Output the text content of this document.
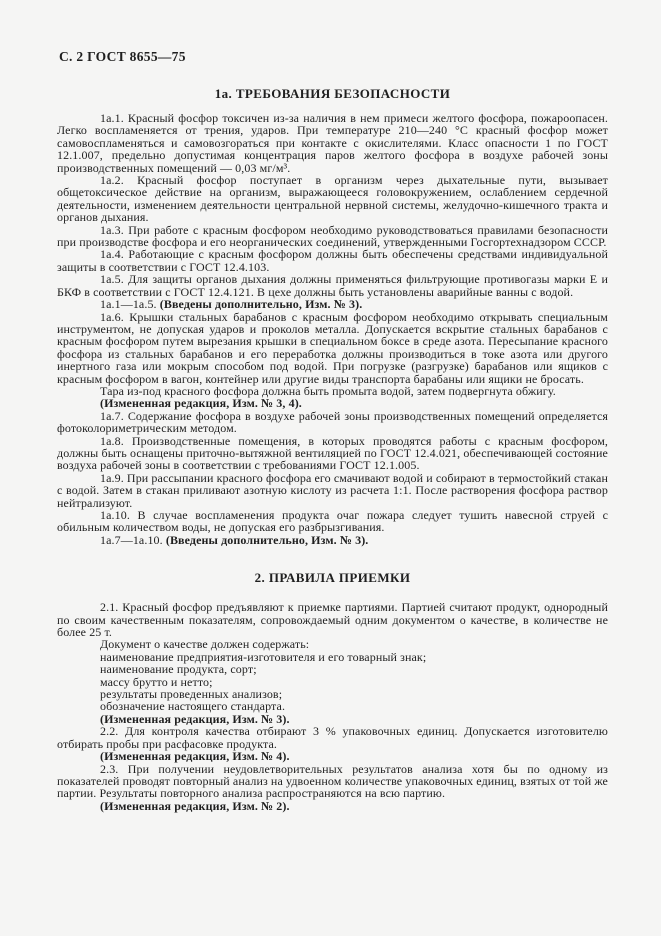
С. 2 ГОСТ 8655—75
1а. ТРЕБОВАНИЯ БЕЗОПАСНОСТИ

1а.1. Красный фосфор токсичен из-за наличия в нем примеси желтого фосфора, пожароопасен. Легко воспламеняется от трения, ударов. При температуре 210—240 °С красный фосфор может самовоспламеняться и самовозгораться при контакте с окислителями. Класс опасности 1 по ГОСТ 12.1.007, предельно допустимая концентрация паров желтого фосфора в воздухе рабочей зоны производственных помещений — 0,03 мг/м³.

1а.2. Красный фосфор поступает в организм через дыхательные пути, вызывает общетоксическое действие на организм, выражающееся головокружением, ослаблением сердечной деятельности, изменением деятельности центральной нервной системы, желудочно-кишечного тракта и органов дыхания.

1а.3. При работе с красным фосфором необходимо руководствоваться правилами безопасности при производстве фосфора и его неорганических соединений, утвержденными Госгортехнадзором СССР.

1а.4. Работающие с красным фосфором должны быть обеспечены средствами индивидуальной защиты в соответствии с ГОСТ 12.4.103.

1а.5. Для защиты органов дыхания должны применяться фильтрующие противогазы марки Е и БКФ в соответствии с ГОСТ 12.4.121. В цехе должны быть установлены аварийные ванны с водой.

1а.1—1а.5. (Введены дополнительно, Изм. № 3).

1а.6. Крышки стальных барабанов с красным фосфором необходимо открывать специальным инструментом, не допуская ударов и проколов металла. Допускается вскрытие стальных барабанов с красным фосфором путем вырезания крышки в специальном боксе в среде азота. Пересыпание красного фосфора из стальных барабанов и его переработка должны производиться в токе азота или другого инертного газа или мокрым способом под водой. При погрузке (разгрузке) барабанов или ящиков с красным фосфором в вагон, контейнер или другие виды транспорта барабаны или ящики не бросать.

Тара из-под красного фосфора должна быть промыта водой, затем подвергнута обжигу.

(Измененная редакция, Изм. № 3, 4).

1а.7. Содержание фосфора в воздухе рабочей зоны производственных помещений определяется фотоколориметрическим методом.

1а.8. Производственные помещения, в которых проводятся работы с красным фосфором, должны быть оснащены приточно-вытяжной вентиляцией по ГОСТ 12.4.021, обеспечивающей состояние воздуха рабочей зоны в соответствии с требованиями ГОСТ 12.1.005.

1а.9. При рассыпании красного фосфора его смачивают водой и собирают в термостойкий стакан с водой. Затем в стакан приливают азотную кислоту из расчета 1:1. После растворения фосфора раствор нейтрализуют.

1а.10. В случае воспламенения продукта очаг пожара следует тушить навесной струей с обильным количеством воды, не допуская его разбрызгивания.

1а.7—1а.10. (Введены дополнительно, Изм. № 3).

2. ПРАВИЛА ПРИЕМКИ

2.1. Красный фосфор предъявляют к приемке партиями. Партией считают продукт, однородный по своим качественным показателям, сопровождаемый одним документом о качестве, в количестве не более 25 т.

Документ о качестве должен содержать:

наименование предприятия-изготовителя и его товарный знак;

наименование продукта, сорт;

массу брутто и нетто;

результаты проведенных анализов;

обозначение настоящего стандарта.

(Измененная редакция, Изм. № 3).

2.2. Для контроля качества отбирают 3 % упаковочных единиц. Допускается изготовителю отбирать пробы при расфасовке продукта.

(Измененная редакция, Изм. № 4).

2.3. При получении неудовлетворительных результатов анализа хотя бы по одному из показателей проводят повторный анализ на удвоенном количестве упаковочных единиц, взятых от той же партии. Результаты повторного анализа распространяются на всю партию.

(Измененная редакция, Изм. № 2).
